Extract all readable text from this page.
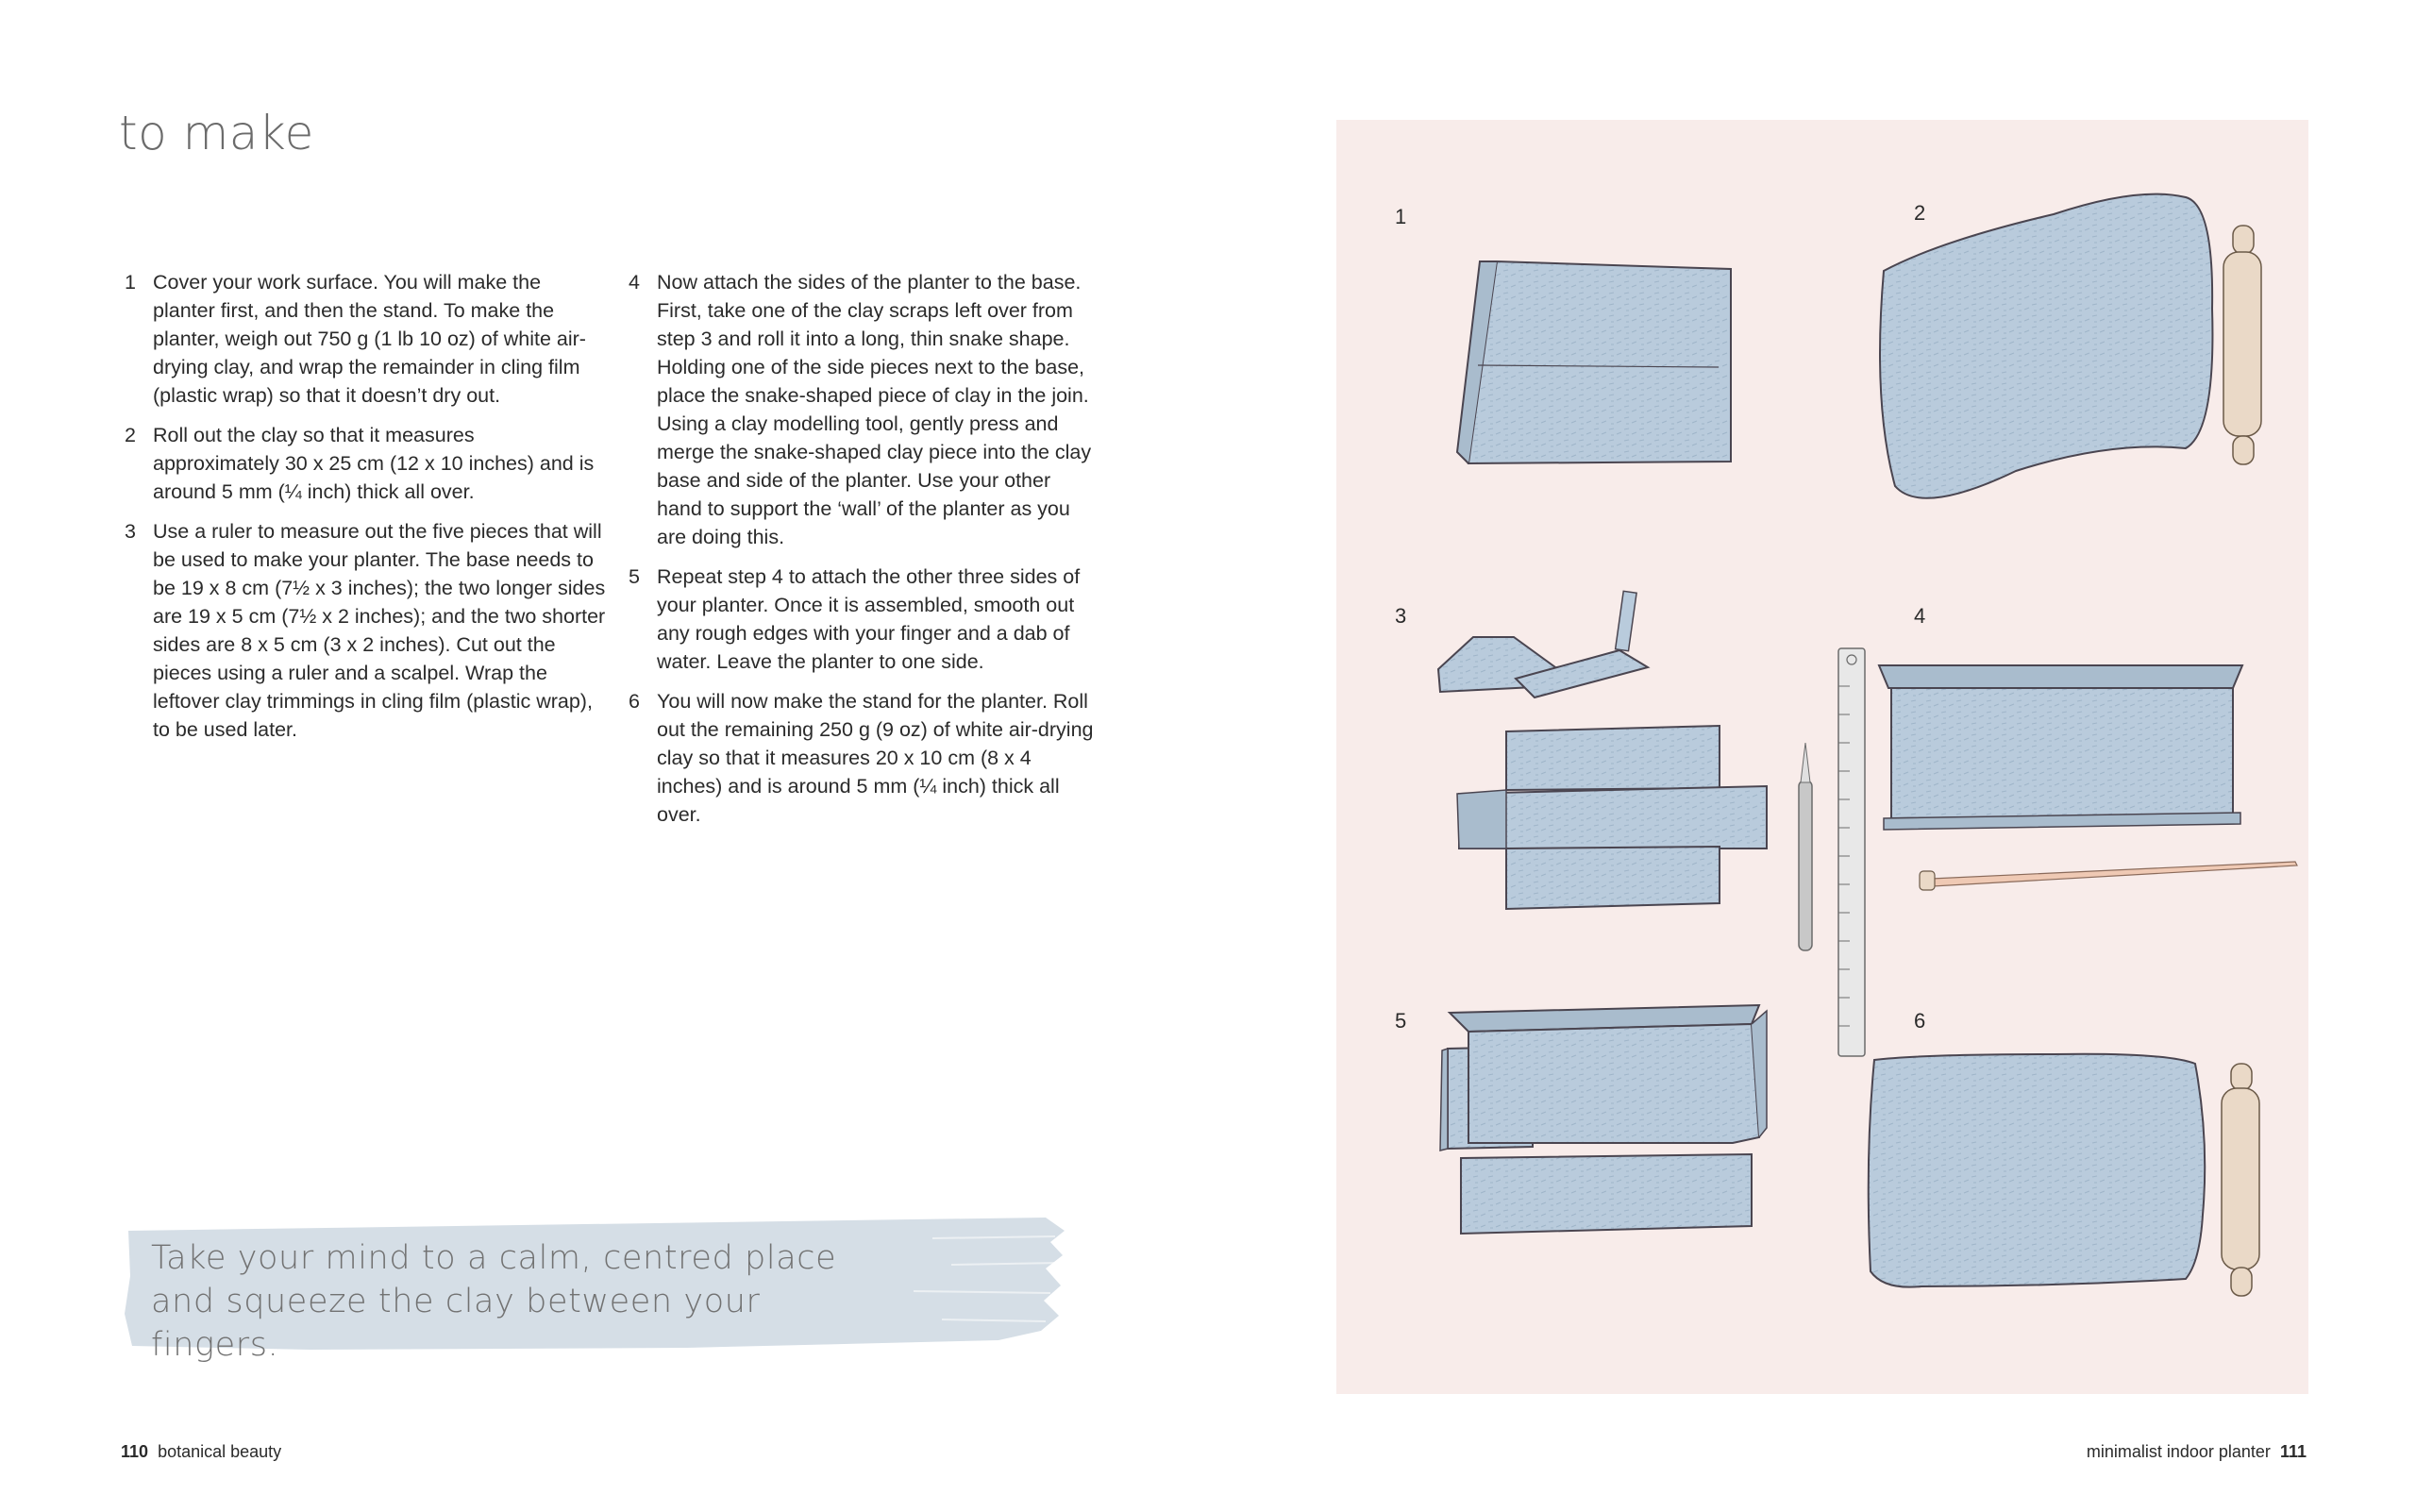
to make
1 Cover your work surface. You will make the planter first, and then the stand. To make the planter, weigh out 750 g (1 lb 10 oz) of white air-drying clay, and wrap the remainder in cling film (plastic wrap) so that it doesn’t dry out.
2 Roll out the clay so that it measures approximately 30 x 25 cm (12 x 10 inches) and is around 5 mm (¼ inch) thick all over.
3 Use a ruler to measure out the five pieces that will be used to make your planter. The base needs to be 19 x 8 cm (7½ x 3 inches); the two longer sides are 19 x 5 cm (7½ x 2 inches); and the two shorter sides are 8 x 5 cm (3 x 2 inches). Cut out the pieces using a ruler and a scalpel. Wrap the leftover clay trimmings in cling film (plastic wrap), to be used later.
4 Now attach the sides of the planter to the base. First, take one of the clay scraps left over from step 3 and roll it into a long, thin snake shape. Holding one of the side pieces next to the base, place the snake-shaped piece of clay in the join. Using a clay modelling tool, gently press and merge the snake-shaped clay piece into the clay base and side of the planter. Use your other hand to support the ‘wall’ of the planter as you are doing this.
5 Repeat step 4 to attach the other three sides of your planter. Once it is assembled, smooth out any rough edges with your finger and a dab of water. Leave the planter to one side.
6 You will now make the stand for the planter. Roll out the remaining 250 g (9 oz) of white air-drying clay so that it measures 20 x 10 cm (8 x 4 inches) and is around 5 mm (¼ inch) thick all over.
Take your mind to a calm, centred place and squeeze the clay between your fingers.
110 botanical beauty	minimalist indoor planter 111
1	2
3	4
5	6
